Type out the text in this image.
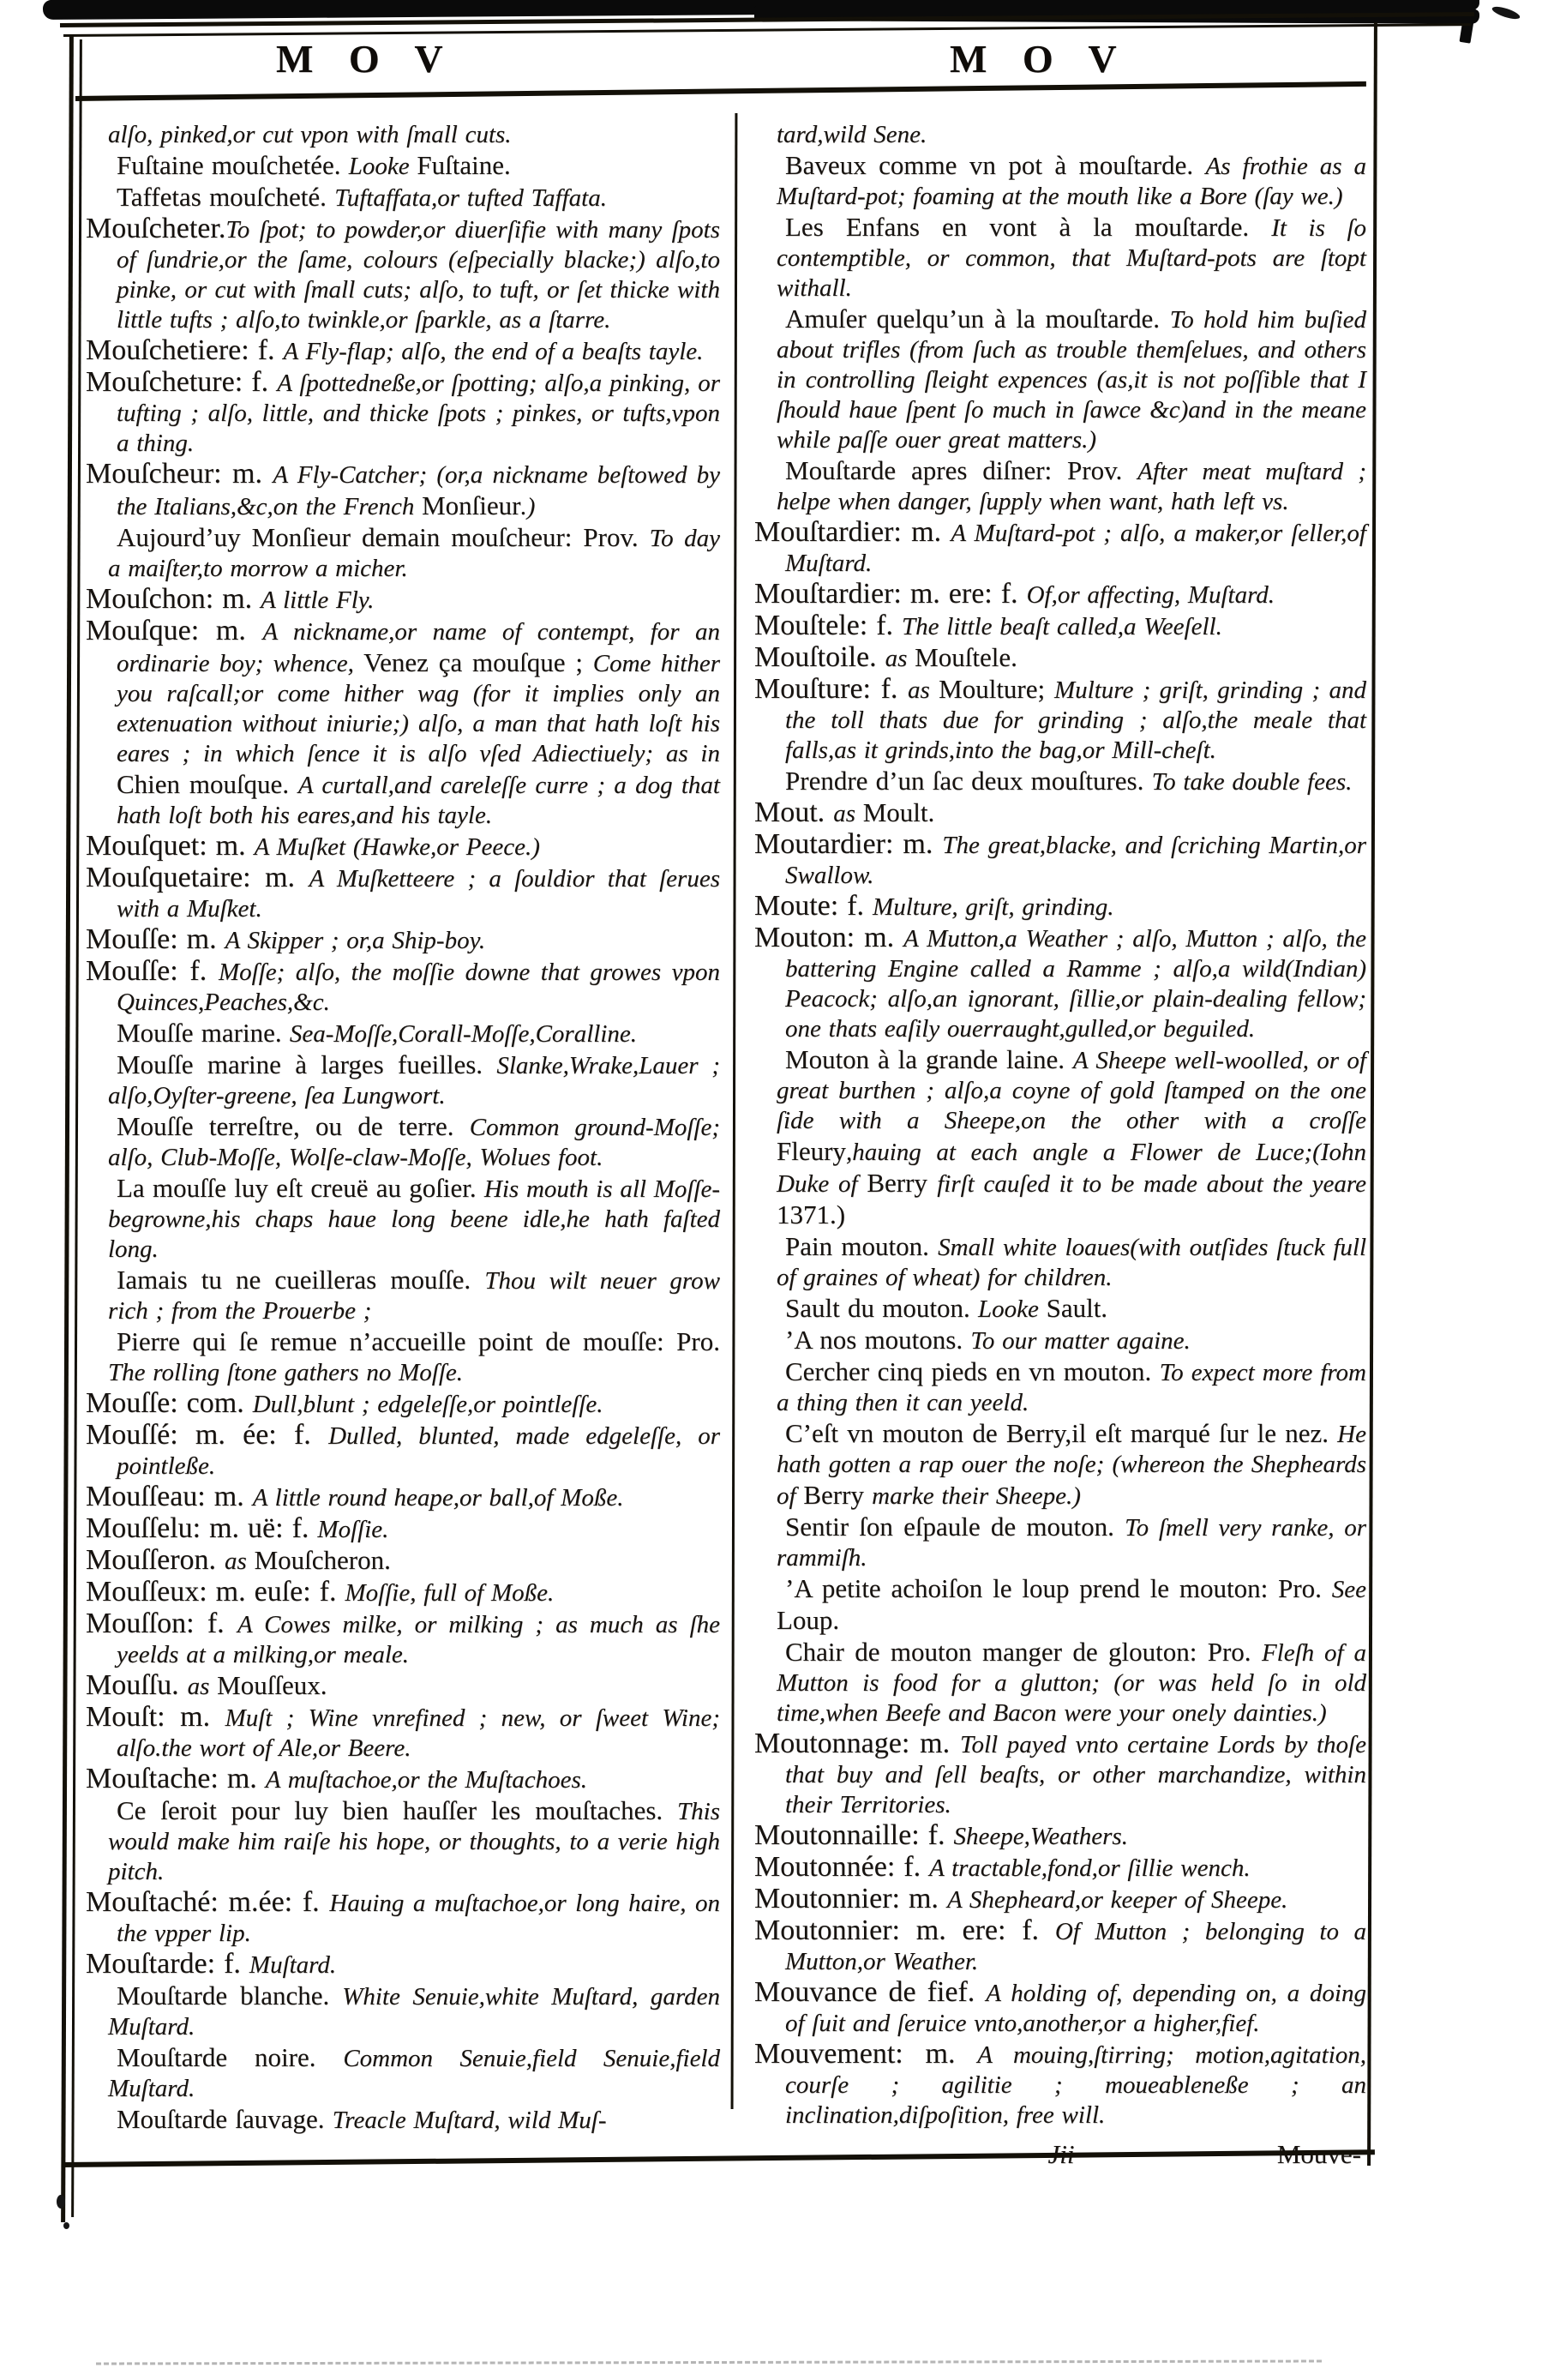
M O V	M O V

alſo, pinked,or cut vpon with ſmall cuts.

Fuſtaine mouſchetée. Looke Fuſtaine.

Taffetas mouſcheté. Tuftaffata,or tufted Taffata.

Mouſcheter.To ſpot; to powder,or diuerſifie with many ſpots of ſundrie,or the ſame, colours (eſpecially blacke;) alſo,to pinke, or cut with ſmall cuts; alſo, to tuft, or ſet thicke with little tufts ; alſo,to twinkle,or ſparkle, as a ſtarre.

Mouſchetiere: f. A Fly-flap; alſo, the end of a beaſts tayle.

Mouſcheture: f. A ſpottedneße,or ſpotting; alſo,a pinking, or tufting ; alſo, little, and thicke ſpots ; pinkes, or tufts,vpon a thing.

Mouſcheur: m. A Fly-Catcher; (or,a nickname beſtowed by the Italians,&c,on the French Monſieur.)

Aujourd’uy Monſieur demain mouſcheur: Prov. To day a maiſter,to morrow a micher.

Mouſchon: m. A little Fly.

Mouſque: m. A nickname,or name of contempt, for an ordinarie boy; whence, Venez ça mouſque ; Come hither you raſcall;or come hither wag (for it implies only an extenuation without iniurie;) alſo, a man that hath loſt his eares ; in which ſence it is alſo vſed Adiectiuely; as in Chien mouſque. A curtall,and careleſſe curre ; a dog that hath loſt both his eares,and his tayle.

Mouſquet: m. A Muſket (Hawke,or Peece.)

Mouſquetaire: m. A Muſketteere ; a ſouldior that ſerues with a Muſket.

Mouſſe: m. A Skipper ; or,a Ship-boy.

Mouſſe: f. Moſſe; alſo, the moſſie downe that growes vpon Quinces,Peaches,&c.

Mouſſe marine. Sea-Moſſe,Corall-Moſſe,Coralline.

Mouſſe marine à larges fueilles. Slanke,Wrake,Lauer ; alſo,Oyſter-greene, ſea Lungwort.

Mouſſe terreſtre, ou de terre. Common ground-Moſſe; alſo, Club-Moſſe, Wolſe-claw-Moſſe, Wolues foot.

La mouſſe luy eſt creuë au goſier. His mouth is all Moſſe-begrowne,his chaps haue long beene idle,he hath faſted long.

Iamais tu ne cueilleras mouſſe. Thou wilt neuer grow rich ; from the Prouerbe ;

Pierre qui ſe remue n’accueille point de mouſſe: Pro. The rolling ſtone gathers no Moſſe.

Mouſſe: com. Dull,blunt ; edgeleſſe,or pointleſſe.

Mouſſé: m. ée: f. Dulled, blunted, made edgeleſſe, or pointleße.

Mouſſeau: m. A little round heape,or ball,of Moße.

Mouſſelu: m. uë: f. Moſſie.

Mouſſeron. as Mouſcheron.

Mouſſeux: m. euſe: f. Moſſie, full of Moße.

Mouſſon: f. A Cowes milke, or milking ; as much as ſhe yeelds at a milking,or meale.

Mouſſu. as Mouſſeux.

Mouſt: m. Muſt ; Wine vnrefined ; new, or ſweet Wine; alſo.the wort of Ale,or Beere.

Mouſtache: m. A muſtachoe,or the Muſtachoes.

Ce ſeroit pour luy bien hauſſer les mouſtaches. This would make him raiſe his hope, or thoughts, to a verie high pitch.

Mouſtaché: m.ée: f. Hauing a muſtachoe,or long haire, on the vpper lip.

Mouſtarde: f. Muſtard.

Mouſtarde blanche. White Senuie,white Muſtard, garden Muſtard.

Mouſtarde noire. Common Senuie,field Senuie,field Muſtard.

Mouſtarde ſauvage. Treacle Muſtard, wild Muſ-

tard,wild Sene.

Baveux comme vn pot à mouſtarde. As frothie as a Muſtard-pot; foaming at the mouth like a Bore (ſay we.)

Les Enfans en vont à la mouſtarde. It is ſo contemptible, or common, that Muſtard-pots are ſtopt withall.

Amuſer quelqu’un à la mouſtarde. To hold him buſied about trifles (from ſuch as trouble themſelues, and others in controlling ſleight expences (as,it is not poſſible that I ſhould haue ſpent ſo much in ſawce &c)and in the meane while paſſe ouer great matters.)

Mouſtarde apres diſner: Prov. After meat muſtard ; helpe when danger, ſupply when want, hath left vs.

Mouſtardier: m. A Muſtard-pot ; alſo, a maker,or ſeller,of Muſtard.

Mouſtardier: m. ere: f. Of,or affecting, Muſtard.

Mouſtele: f. The little beaſt called,a Weeſell.

Mouſtoile. as Mouſtele.

Mouſture: f. as Moulture; Multure ; griſt, grinding ; and the toll thats due for grinding ; alſo,the meale that falls,as it grinds,into the bag,or Mill-cheſt.

Prendre d’un ſac deux mouſtures. To take double fees.

Mout. as Moult.

Moutardier: m. The great,blacke, and ſcriching Martin,or Swallow.

Moute: f. Multure, griſt, grinding.

Mouton: m. A Mutton,a Weather ; alſo, Mutton ; alſo, the battering Engine called a Ramme ; alſo,a wild(Indian) Peacock; alſo,an ignorant, ſillie,or plain-dealing fellow; one thats eaſily ouerraught,gulled,or beguiled.

Mouton à la grande laine. A Sheepe well-woolled, or of great burthen ; alſo,a coyne of gold ſtamped on the one ſide with a Sheepe,on the other with a croſſe Fleury,hauing at each angle a Flower de Luce;(Iohn Duke of Berry firſt cauſed it to be made about the yeare 1371.)

Pain mouton. Small white loaues(with outſides ſtuck full of graines of wheat) for children.

Sault du mouton. Looke Sault.

’A nos moutons. To our matter againe.

Cercher cinq pieds en vn mouton. To expect more from a thing then it can yeeld.

C’eſt vn mouton de Berry,il eſt marqué ſur le nez. He hath gotten a rap ouer the noſe; (whereon the Shepheards of Berry marke their Sheepe.)

Sentir ſon eſpaule de mouton. To ſmell very ranke, or rammiſh.

’A petite achoiſon le loup prend le mouton: Pro. See Loup.

Chair de mouton manger de glouton: Pro. Fleſh of a Mutton is food for a glutton; (or was held ſo in old time,when Beefe and Bacon were your onely dainties.)

Moutonnage: m. Toll payed vnto certaine Lords by thoſe that buy and ſell beaſts, or other marchandize, within their Territories.

Moutonnaille: f. Sheepe,Weathers.

Moutonnée: f. A tractable,fond,or ſillie wench.

Moutonnier: m. A Shepheard,or keeper of Sheepe.

Moutonnier: m. ere: f. Of Mutton ; belonging to a Mutton,or Weather.

Mouvance de fief. A holding of, depending on, a doing of ſuit and ſeruice vnto,another,or a higher,fief.

Mouvement: m. A mouing,ſtirring; motion,agitation, courſe ; agilitie ; moueableneße ; an inclination,diſpoſition, free will.
